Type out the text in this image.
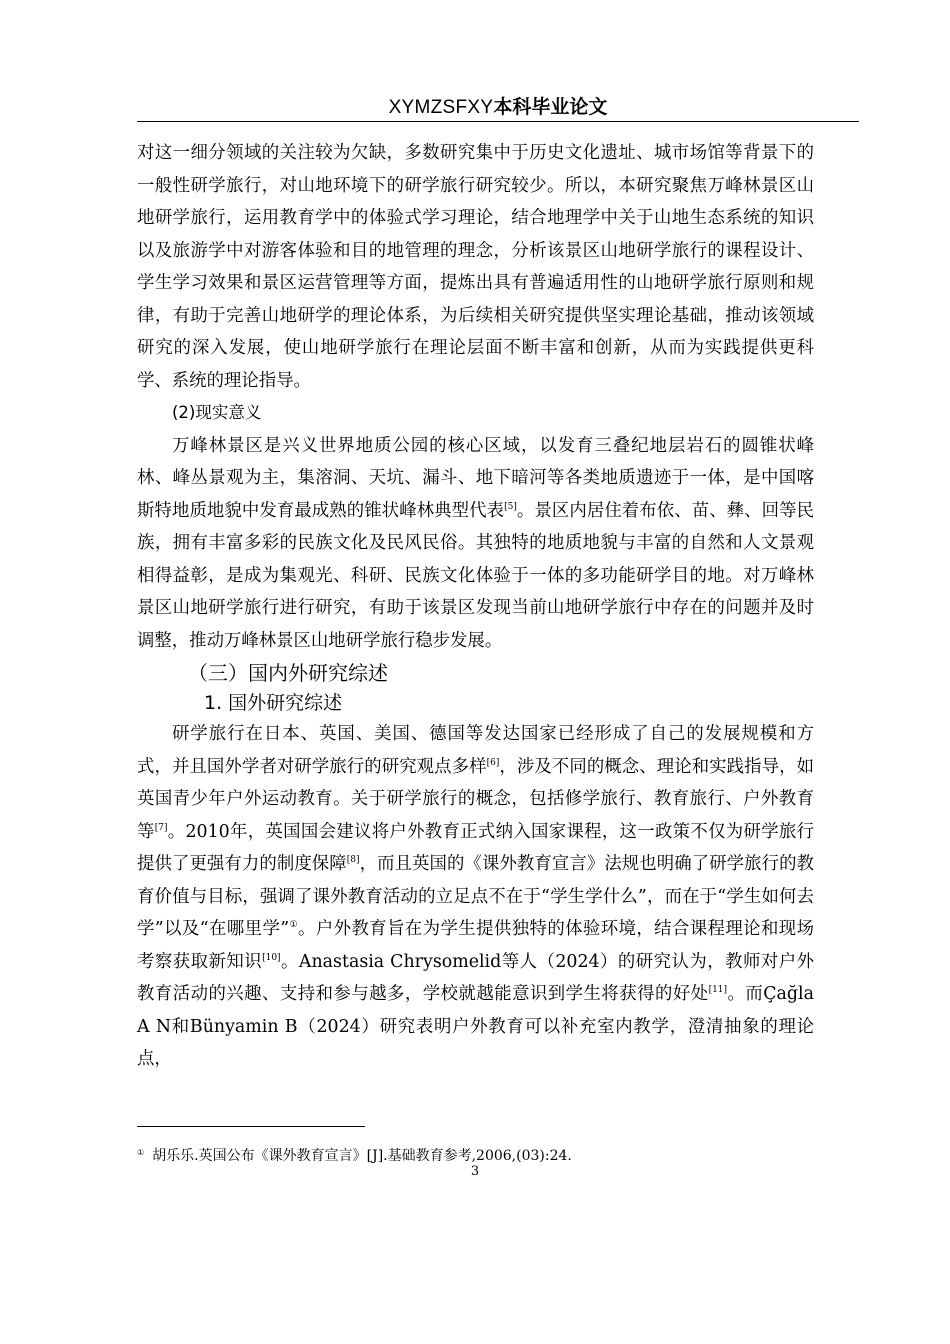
XYMZSFXY本科毕业论文

对这一细分领域的关注较为欠缺，多数研究集中于历史文化遗址、城市场馆等背景下的一般性研学旅行，对山地环境下的研学旅行研究较少。所以，本研究聚焦万峰林景区山地研学旅行，运用教育学中的体验式学习理论，结合地理学中关于山地生态系统的知识以及旅游学中对游客体验和目的地管理的理念，分析该景区山地研学旅行的课程设计、学生学习效果和景区运营管理等方面，提炼出具有普遍适用性的山地研学旅行原则和规律，有助于完善山地研学的理论体系，为后续相关研究提供坚实理论基础，推动该领域研究的深入发展，使山地研学旅行在理论层面不断丰富和创新，从而为实践提供更科学、系统的理论指导。

(2)现实意义

万峰林景区是兴义世界地质公园的核心区域，以发育三叠纪地层岩石的圆锥状峰林、峰丛景观为主，集溶洞、天坑、漏斗、地下暗河等各类地质遗迹于一体，是中国喀斯特地质地貌中发育最成熟的锥状峰林典型代表[5]。景区内居住着布依、苗、彝、回等民族，拥有丰富多彩的民族文化及民风民俗。其独特的地质地貌与丰富的自然和人文景观相得益彰，是成为集观光、科研、民族文化体验于一体的多功能研学目的地。对万峰林景区山地研学旅行进行研究，有助于该景区发现当前山地研学旅行中存在的问题并及时调整，推动万峰林景区山地研学旅行稳步发展。

（三）国内外研究综述

1. 国外研究综述

研学旅行在日本、英国、美国、德国等发达国家已经形成了自己的发展规模和方式，并且国外学者对研学旅行的研究观点多样[6]，涉及不同的概念、理论和实践指导，如英国青少年户外运动教育。关于研学旅行的概念，包括修学旅行、教育旅行、户外教育等[7]。2010年，英国国会建议将户外教育正式纳入国家课程，这一政策不仅为研学旅行提供了更强有力的制度保障[8]，而且英国的《课外教育宣言》法规也明确了研学旅行的教育价值与目标，强调了课外教育活动的立足点不在于“学生学什么”，而在于“学生如何去学”以及“在哪里学”①。户外教育旨在为学生提供独特的体验环境，结合课程理论和现场考察获取新知识[10]。Anastasia Chrysomelid等人（2024）的研究认为，教师对户外教育活动的兴趣、支持和参与越多，学校就越能意识到学生将获得的好处[11]。而Çağla A N和Bünyamin B（2024）研究表明户外教育可以补充室内教学，澄清抽象的理论点，

① 胡乐乐.英国公布《课外教育宣言》[J].基础教育参考,2006,(03):24.
3
